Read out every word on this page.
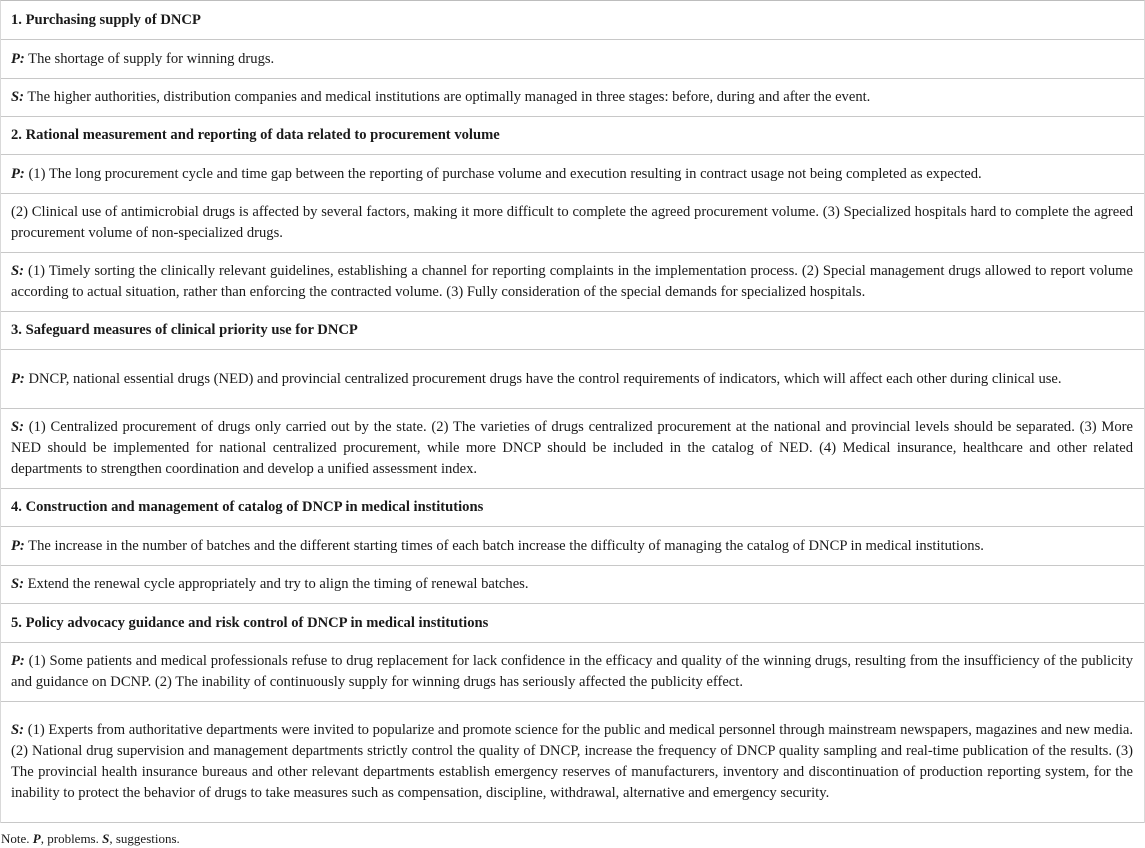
1. Purchasing supply of DNCP
P: The shortage of supply for winning drugs.
S: The higher authorities, distribution companies and medical institutions are optimally managed in three stages: before, during and after the event.
2. Rational measurement and reporting of data related to procurement volume
P: (1) The long procurement cycle and time gap between the reporting of purchase volume and execution resulting in contract usage not being completed as expected.
(2) Clinical use of antimicrobial drugs is affected by several factors, making it more difficult to complete the agreed procurement volume. (3) Specialized hospitals hard to complete the agreed procurement volume of non-specialized drugs.
S: (1) Timely sorting the clinically relevant guidelines, establishing a channel for reporting complaints in the implementation process. (2) Special management drugs allowed to report volume according to actual situation, rather than enforcing the contracted volume. (3) Fully consideration of the special demands for specialized hospitals.
3. Safeguard measures of clinical priority use for DNCP
P: DNCP, national essential drugs (NED) and provincial centralized procurement drugs have the control requirements of indicators, which will affect each other during clinical use.
S: (1) Centralized procurement of drugs only carried out by the state. (2) The varieties of drugs centralized procurement at the national and provincial levels should be separated. (3) More NED should be implemented for national centralized procurement, while more DNCP should be included in the catalog of NED. (4) Medical insurance, healthcare and other related departments to strengthen coordination and develop a unified assessment index.
4. Construction and management of catalog of DNCP in medical institutions
P: The increase in the number of batches and the different starting times of each batch increase the difficulty of managing the catalog of DNCP in medical institutions.
S: Extend the renewal cycle appropriately and try to align the timing of renewal batches.
5. Policy advocacy guidance and risk control of DNCP in medical institutions
P: (1) Some patients and medical professionals refuse to drug replacement for lack confidence in the efficacy and quality of the winning drugs, resulting from the insufficiency of the publicity and guidance on DCNP. (2) The inability of continuously supply for winning drugs has seriously affected the publicity effect.
S: (1) Experts from authoritative departments were invited to popularize and promote science for the public and medical personnel through mainstream newspapers, magazines and new media. (2) National drug supervision and management departments strictly control the quality of DNCP, increase the frequency of DNCP quality sampling and real-time publication of the results. (3) The provincial health insurance bureaus and other relevant departments establish emergency reserves of manufacturers, inventory and discontinuation of production reporting system, for the inability to protect the behavior of drugs to take measures such as compensation, discipline, withdrawal, alternative and emergency security.
Note. P, problems. S, suggestions.
